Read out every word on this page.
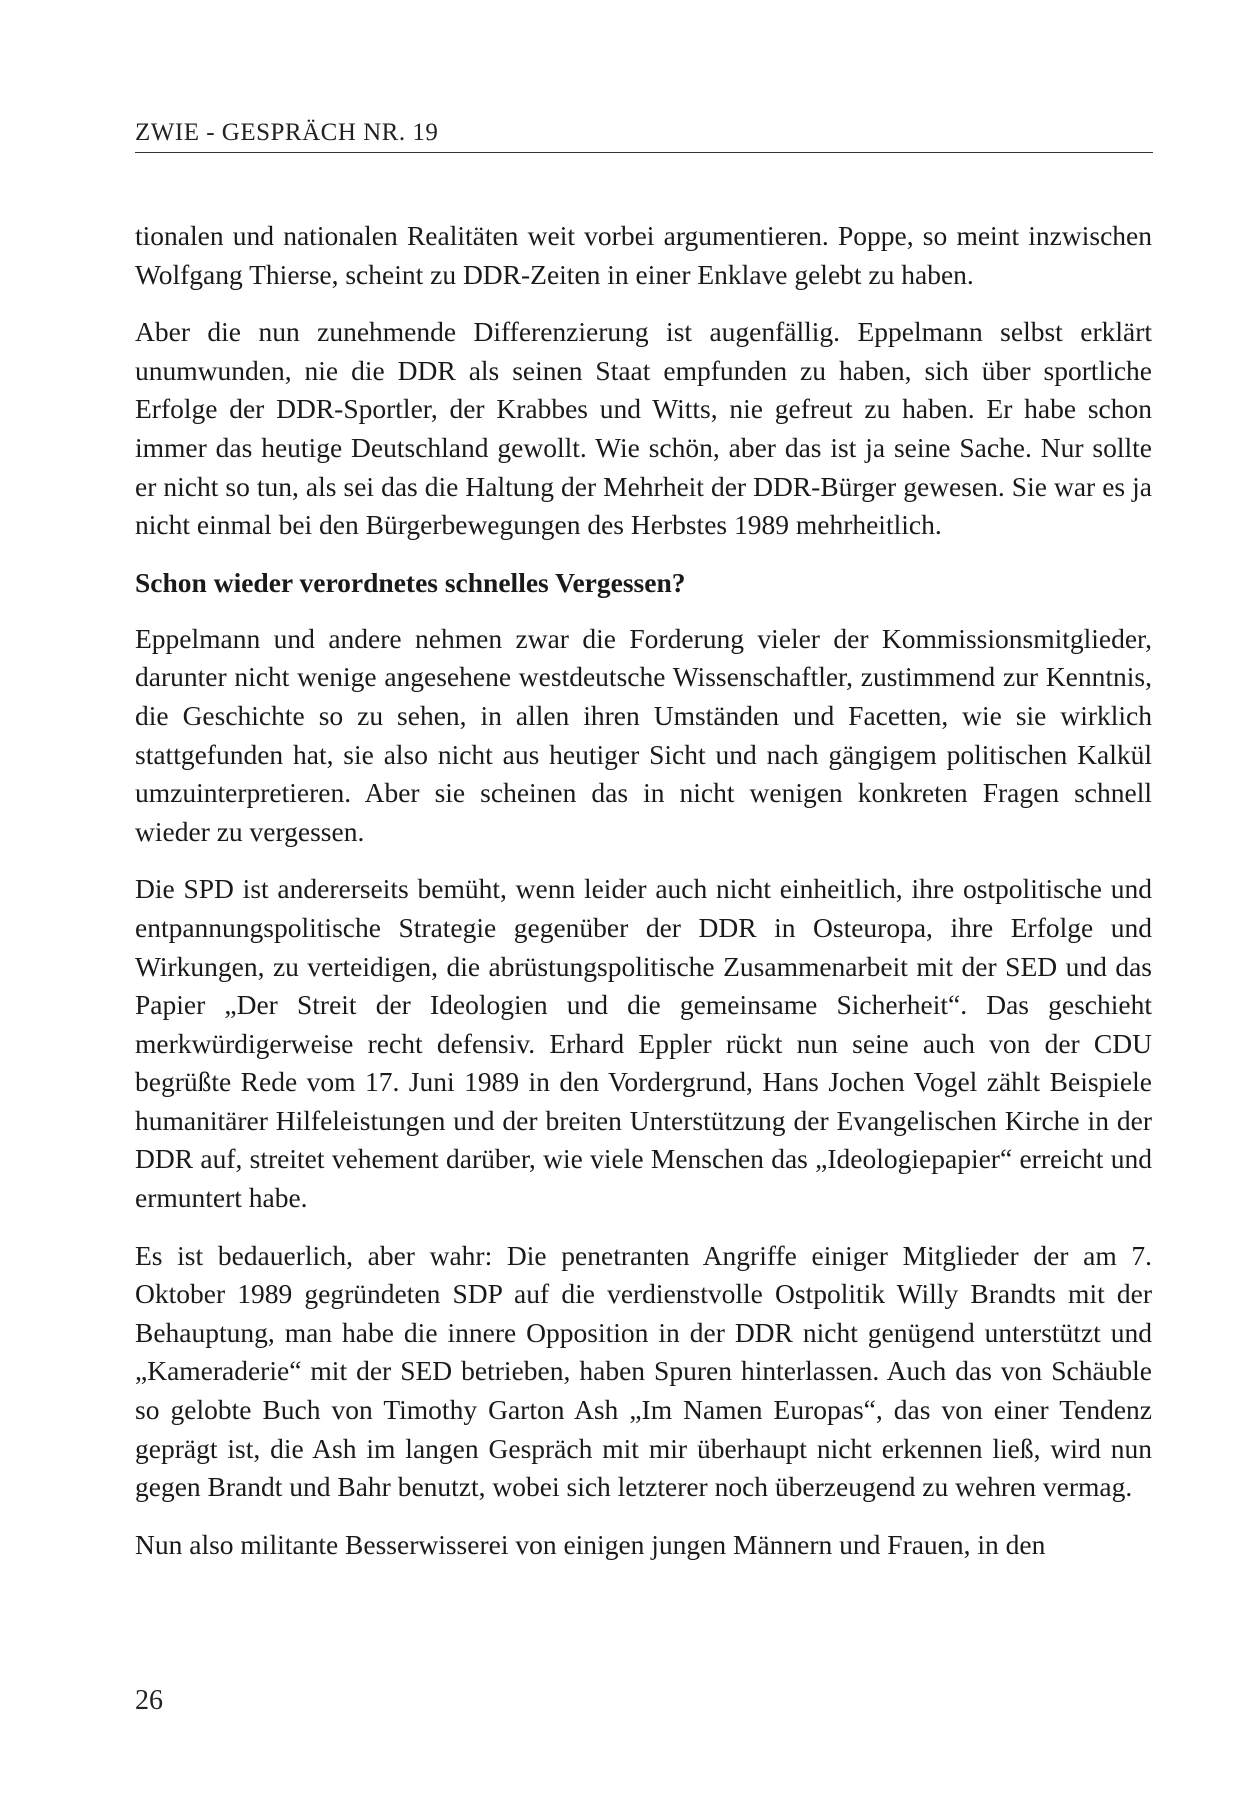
ZWIE - GESPRÄCH NR. 19

tionalen und nationalen Realitäten weit vorbei argumentieren. Poppe, so meint inzwischen Wolfgang Thierse, scheint zu DDR-Zeiten in einer Enklave gelebt zu haben.

Aber die nun zunehmende Differenzierung ist augenfällig. Eppelmann selbst erklärt unumwunden, nie die DDR als seinen Staat empfunden zu haben, sich über sportliche Erfolge der DDR-Sportler, der Krabbes und Witts, nie gefreut zu haben. Er habe schon immer das heutige Deutschland gewollt. Wie schön, aber das ist ja seine Sache. Nur sollte er nicht so tun, als sei das die Haltung der Mehrheit der DDR-Bürger gewesen. Sie war es ja nicht einmal bei den Bürgerbewegungen des Herbstes 1989 mehrheitlich.

Schon wieder verordnetes schnelles Vergessen?

Eppelmann und andere nehmen zwar die Forderung vieler der Kommissionsmitglieder, darunter nicht wenige angesehene westdeutsche Wissenschaftler, zustimmend zur Kenntnis, die Geschichte so zu sehen, in allen ihren Umständen und Facetten, wie sie wirklich stattgefunden hat, sie also nicht aus heutiger Sicht und nach gängigem politischen Kalkül umzuinterpretieren. Aber sie scheinen das in nicht wenigen konkreten Fragen schnell wieder zu vergessen.

Die SPD ist andererseits bemüht, wenn leider auch nicht einheitlich, ihre ostpolitische und entpannungspolitische Strategie gegenüber der DDR in Osteuropa, ihre Erfolge und Wirkungen, zu verteidigen, die abrüstungspolitische Zusammenarbeit mit der SED und das Papier „Der Streit der Ideologien und die gemeinsame Sicherheit“. Das geschieht merkwürdigerweise recht defensiv. Erhard Eppler rückt nun seine auch von der CDU begrüßte Rede vom 17. Juni 1989 in den Vordergrund, Hans Jochen Vogel zählt Beispiele humanitärer Hilfeleistungen und der breiten Unterstützung der Evangelischen Kirche in der DDR auf, streitet vehement darüber, wie viele Menschen das „Ideologiepapier“ erreicht und ermuntert habe.

Es ist bedauerlich, aber wahr: Die penetranten Angriffe einiger Mitglieder der am 7. Oktober 1989 gegründeten SDP auf die verdienstvolle Ostpolitik Willy Brandts mit der Behauptung, man habe die innere Opposition in der DDR nicht genügend unterstützt und „Kameraderie“ mit der SED betrieben, haben Spuren hinterlassen. Auch das von Schäuble so gelobte Buch von Timothy Garton Ash „Im Namen Europas“, das von einer Tendenz geprägt ist, die Ash im langen Gespräch mit mir überhaupt nicht erkennen ließ, wird nun gegen Brandt und Bahr benutzt, wobei sich letzterer noch überzeugend zu wehren vermag.

Nun also militante Besserwisserei von einigen jungen Männern und Frauen, in den

26
